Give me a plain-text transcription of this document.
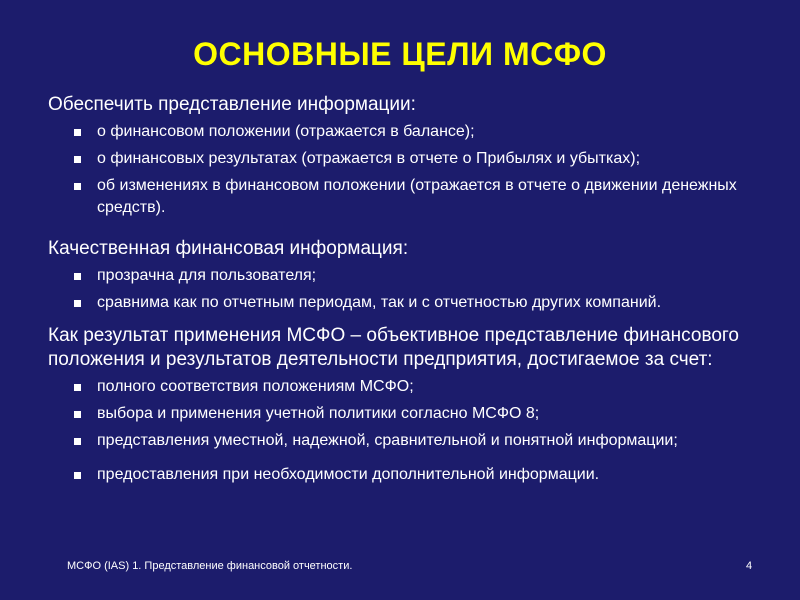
ОСНОВНЫЕ ЦЕЛИ МСФО

Обеспечить представление информации:

о финансовом положении (отражается в балансе);
о финансовых результатах (отражается в отчете о Прибылях и убытках);
об изменениях в финансовом положении (отражается в отчете о движении денежных средств).

Качественная финансовая информация:

прозрачна для пользователя;
сравнима как по отчетным периодам, так и с отчетностью других компаний.

Как результат применения МСФО – объективное представление финансового положения и результатов деятельности предприятия, достигаемое за счет:

полного соответствия положениям МСФО;
выбора и применения учетной политики согласно МСФО 8;
представления уместной, надежной, сравнительной и понятной информации;
предоставления при необходимости дополнительной информации.
МСФО (IAS) 1. Представление финансовой отчетности.	4
